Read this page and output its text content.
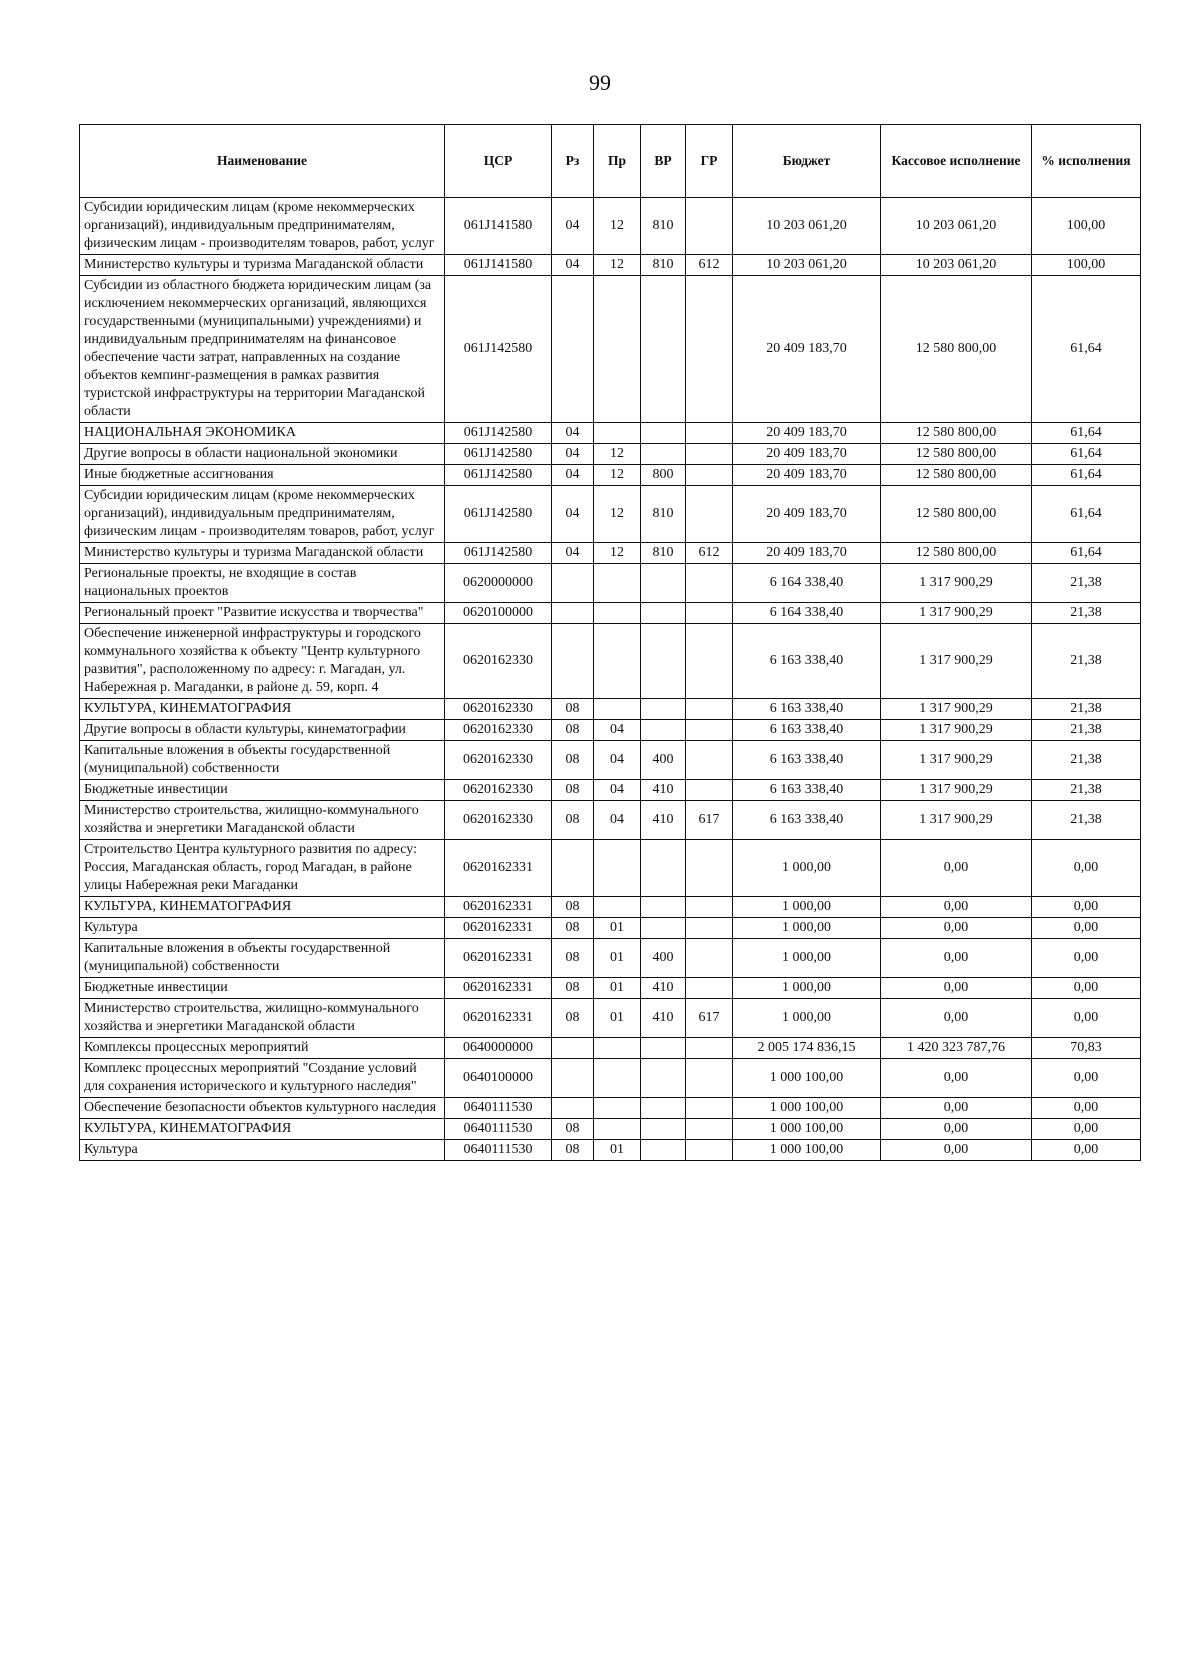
99
Наименование	ЦСР	Рз	Пр	ВР	ГР	Бюджет	Кассовое исполнение	% исполнения
Субсидии юридическим лицам (кроме некоммерческих организаций), индивидуальным предпринимателям, физическим лицам - производителям товаров, работ, услуг	061J141580	04	12	810		10 203 061,20	10 203 061,20	100,00
Министерство культуры и туризма Магаданской области	061J141580	04	12	810	612	10 203 061,20	10 203 061,20	100,00
Субсидии из областного бюджета юридическим лицам (за исключением некоммерческих организаций, являющихся государственными (муниципальными) учреждениями) и индивидуальным предпринимателям на финансовое обеспечение части затрат, направленных на создание объектов кемпинг-размещения в рамках развития туристской инфраструктуры на территории Магаданской области	061J142580					20 409 183,70	12 580 800,00	61,64
НАЦИОНАЛЬНАЯ ЭКОНОМИКА	061J142580	04				20 409 183,70	12 580 800,00	61,64
Другие вопросы в области национальной экономики	061J142580	04	12			20 409 183,70	12 580 800,00	61,64
Иные бюджетные ассигнования	061J142580	04	12	800		20 409 183,70	12 580 800,00	61,64
Субсидии юридическим лицам (кроме некоммерческих организаций), индивидуальным предпринимателям, физическим лицам - производителям товаров, работ, услуг	061J142580	04	12	810		20 409 183,70	12 580 800,00	61,64
Министерство культуры и туризма Магаданской области	061J142580	04	12	810	612	20 409 183,70	12 580 800,00	61,64
Региональные проекты, не входящие в состав национальных проектов	0620000000					6 164 338,40	1 317 900,29	21,38
Региональный проект "Развитие искусства и творчества"	0620100000					6 164 338,40	1 317 900,29	21,38
Обеспечение инженерной инфраструктуры и городского коммунального хозяйства к объекту "Центр культурного развития", расположенному по адресу: г. Магадан, ул. Набережная р. Магаданки, в районе д. 59, корп. 4	0620162330					6 163 338,40	1 317 900,29	21,38
КУЛЬТУРА, КИНЕМАТОГРАФИЯ	0620162330	08				6 163 338,40	1 317 900,29	21,38
Другие вопросы в области культуры, кинематографии	0620162330	08	04			6 163 338,40	1 317 900,29	21,38
Капитальные вложения в объекты государственной (муниципальной) собственности	0620162330	08	04	400		6 163 338,40	1 317 900,29	21,38
Бюджетные инвестиции	0620162330	08	04	410		6 163 338,40	1 317 900,29	21,38
Министерство строительства, жилищно-коммунального хозяйства и энергетики Магаданской области	0620162330	08	04	410	617	6 163 338,40	1 317 900,29	21,38
Строительство Центра культурного развития по адресу: Россия, Магаданская область, город Магадан, в районе улицы Набережная реки Магаданки	0620162331					1 000,00	0,00	0,00
КУЛЬТУРА, КИНЕМАТОГРАФИЯ	0620162331	08				1 000,00	0,00	0,00
Культура	0620162331	08	01			1 000,00	0,00	0,00
Капитальные вложения в объекты государственной (муниципальной) собственности	0620162331	08	01	400		1 000,00	0,00	0,00
Бюджетные инвестиции	0620162331	08	01	410		1 000,00	0,00	0,00
Министерство строительства, жилищно-коммунального хозяйства и энергетики Магаданской области	0620162331	08	01	410	617	1 000,00	0,00	0,00
Комплексы процессных мероприятий	0640000000					2 005 174 836,15	1 420 323 787,76	70,83
Комплекс процессных мероприятий "Создание условий для сохранения исторического и культурного наследия"	0640100000					1 000 100,00	0,00	0,00
Обеспечение безопасности объектов культурного наследия	0640111530					1 000 100,00	0,00	0,00
КУЛЬТУРА, КИНЕМАТОГРАФИЯ	0640111530	08				1 000 100,00	0,00	0,00
Культура	0640111530	08	01			1 000 100,00	0,00	0,00
